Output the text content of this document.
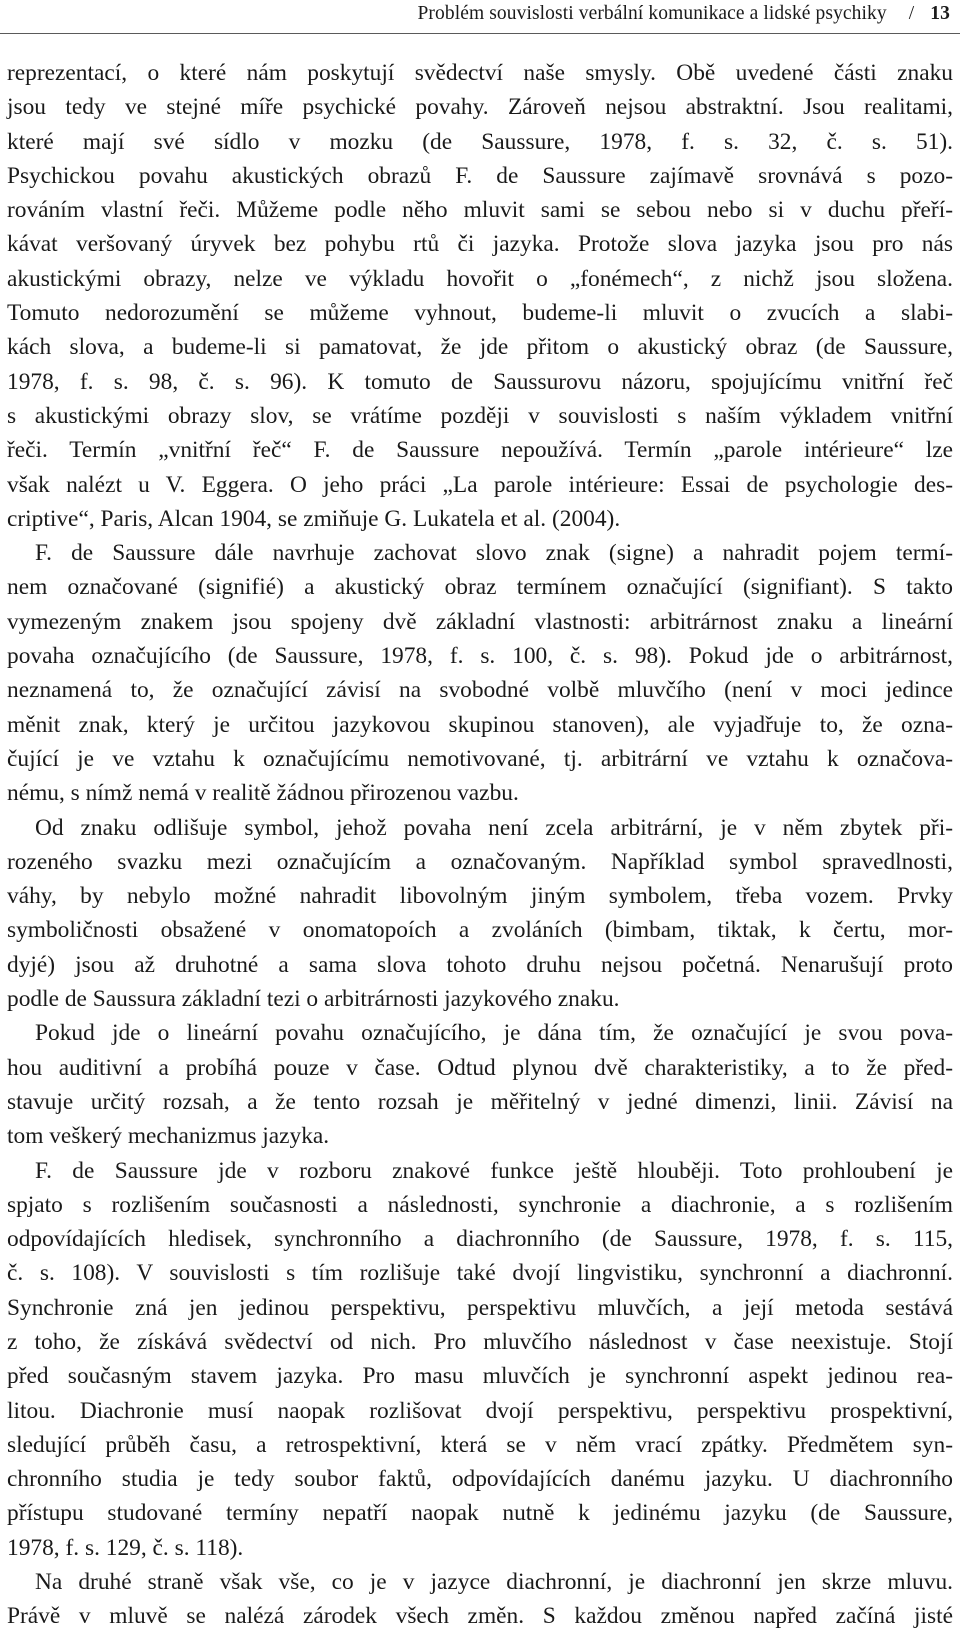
Problém souvislosti verbální komunikace a lidské psychiky / 13
reprezentací, o které nám poskytují svědectví naše smysly. Obě uvedené části znaku
jsou tedy ve stejné míře psychické povahy. Zároveň nejsou abstraktní. Jsou realitami,
které mají své sídlo v mozku (de Saussure, 1978, f. s. 32, č. s. 51).
Psychickou povahu akustických obrazů F. de Saussure zajímavě srovnává s pozo-
rováním vlastní řeči. Můžeme podle něho mluvit sami se sebou nebo si v duchu přeří-
kávat veršovaný úryvek bez pohybu rtů či jazyka. Protože slova jazyka jsou pro nás
akustickými obrazy, nelze ve výkladu hovořit o „fonémech“, z nichž jsou složena.
Tomuto nedorozumění se můžeme vyhnout, budeme-li mluvit o zvucích a slabi-
kách slova, a budeme-li si pamatovat, že jde přitom o akustický obraz (de Saussure,
1978, f. s. 98, č. s. 96). K tomuto de Saussurovu názoru, spojujícímu vnitřní řeč
s akustickými obrazy slov, se vrátíme později v souvislosti s naším výkladem vnitřní
řeči. Termín „vnitřní řeč“ F. de Saussure nepoužívá. Termín „parole intérieure“ lze
však nalézt u V. Eggera. O jeho práci „La parole intérieure: Essai de psychologie des-
criptive“, Paris, Alcan 1904, se zmiňuje G. Lukatela et al. (2004).
F. de Saussure dále navrhuje zachovat slovo znak (signe) a nahradit pojem termí-
nem označované (signifié) a akustický obraz termínem označující (signifiant). S takto
vymezeným znakem jsou spojeny dvě základní vlastnosti: arbitrárnost znaku a lineární
povaha označujícího (de Saussure, 1978, f. s. 100, č. s. 98). Pokud jde o arbitrárnost,
neznamená to, že označující závisí na svobodné volbě mluvčího (není v moci jedince
měnit znak, který je určitou jazykovou skupinou stanoven), ale vyjadřuje to, že ozna-
čující je ve vztahu k označujícímu nemotivované, tj. arbitrární ve vztahu k označova-
nému, s nímž nemá v realitě žádnou přirozenou vazbu.
Od znaku odlišuje symbol, jehož povaha není zcela arbitrární, je v něm zbytek při-
rozeného svazku mezi označujícím a označovaným. Například symbol spravedlnosti,
váhy, by nebylo možné nahradit libovolným jiným symbolem, třeba vozem. Prvky
symboličnosti obsažené v onomatopoích a zvoláních (bimbam, tiktak, k čertu, mor-
dyjé) jsou až druhotné a sama slova tohoto druhu nejsou početná. Nenarušují proto
podle de Saussura základní tezi o arbitrárnosti jazykového znaku.
Pokud jde o lineární povahu označujícího, je dána tím, že označující je svou pova-
hou auditivní a probíhá pouze v čase. Odtud plynou dvě charakteristiky, a to že před-
stavuje určitý rozsah, a že tento rozsah je měřitelný v jedné dimenzi, linii. Závisí na
tom veškerý mechanizmus jazyka.
F. de Saussure jde v rozboru znakové funkce ještě hlouběji. Toto prohloubení je
spjato s rozlišením současnosti a následnosti, synchronie a diachronie, a s rozlišením
odpovídajících hledisek, synchronního a diachronního (de Saussure, 1978, f. s. 115,
č. s. 108). V souvislosti s tím rozlišuje také dvojí lingvistiku, synchronní a diachronní.
Synchronie zná jen jedinou perspektivu, perspektivu mluvčích, a její metoda sestává
z toho, že získává svědectví od nich. Pro mluvčího následnost v čase neexistuje. Stojí
před současným stavem jazyka. Pro masu mluvčích je synchronní aspekt jedinou rea-
litou. Diachronie musí naopak rozlišovat dvojí perspektivu, perspektivu prospektivní,
sledující průběh času, a retrospektivní, která se v něm vrací zpátky. Předmětem syn-
chronního studia je tedy soubor faktů, odpovídajících danému jazyku. U diachronního
přístupu studované termíny nepatří naopak nutně k jedinému jazyku (de Saussure,
1978, f. s. 129, č. s. 118).
Na druhé straně však vše, co je v jazyce diachronní, je diachronní jen skrze mluvu.
Právě v mluvě se nalézá zárodek všech změn. S každou změnou napřed začíná jisté
